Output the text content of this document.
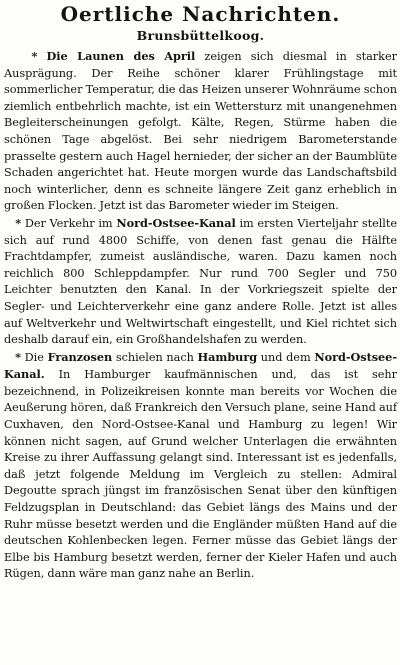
Oertliche Nachrichten.
Brunsbüttelkoog.

* Die Launen des April zeigen sich diesmal in starker Ausprägung. Der Reihe schöner klarer Frühlingstage mit sommerlicher Temperatur, die das Heizen unserer Wohnräume schon ziemlich entbehrlich machte, ist ein Wettersturz mit unangenehmen Begleiterscheinungen gefolgt. Kälte, Regen, Stürme haben die schönen Tage abgelöst. Bei sehr niedrigem Barometerstande prasselte gestern auch Hagel hernieder, der sicher an der Baumblüte Schaden angerichtet hat. Heute morgen wurde das Landschaftsbild noch winterlicher, denn es schneite längere Zeit ganz erheblich in großen Flocken. Jetzt ist das Barometer wieder im Steigen.

* Der Verkehr im Nord-Ostsee-Kanal im ersten Vierteljahr stellte sich auf rund 4800 Schiffe, von denen fast genau die Hälfte Frachtdampfer, zumeist ausländische, waren. Dazu kamen noch reichlich 800 Schleppdampfer. Nur rund 700 Segler und 750 Leichter benutzten den Kanal. In der Vorkriegszeit spielte der Segler- und Leichterverkehr eine ganz andere Rolle. Jetzt ist alles auf Weltverkehr und Weltwirtschaft eingestellt, und Kiel richtet sich deshalb darauf ein, ein Großhandelshafen zu werden.

* Die Franzosen schielen nach Hamburg und dem Nord-Ostsee-Kanal. In Hamburger kaufmännischen und, das ist sehr bezeichnend, in Polizeikreisen konnte man bereits vor Wochen die Aeußerung hören, daß Frankreich den Versuch plane, seine Hand auf Cuxhaven, den Nord-Ostsee-Kanal und Hamburg zu legen! Wir können nicht sagen, auf Grund welcher Unterlagen die erwähnten Kreise zu ihrer Auffassung gelangt sind. Interessant ist es jedenfalls, daß jetzt folgende Meldung im Vergleich zu stellen: Admiral Degoutte sprach jüngst im französischen Senat über den künftigen Feldzugsplan in Deutschland: das Gebiet längs des Mains und der Ruhr müsse besetzt werden und die Engländer müßten Hand auf die deutschen Kohlenbecken legen. Ferner müsse das Gebiet längs der Elbe bis Hamburg besetzt werden, ferner der Kieler Hafen und auch Rügen, dann wäre man ganz nahe an Berlin.
